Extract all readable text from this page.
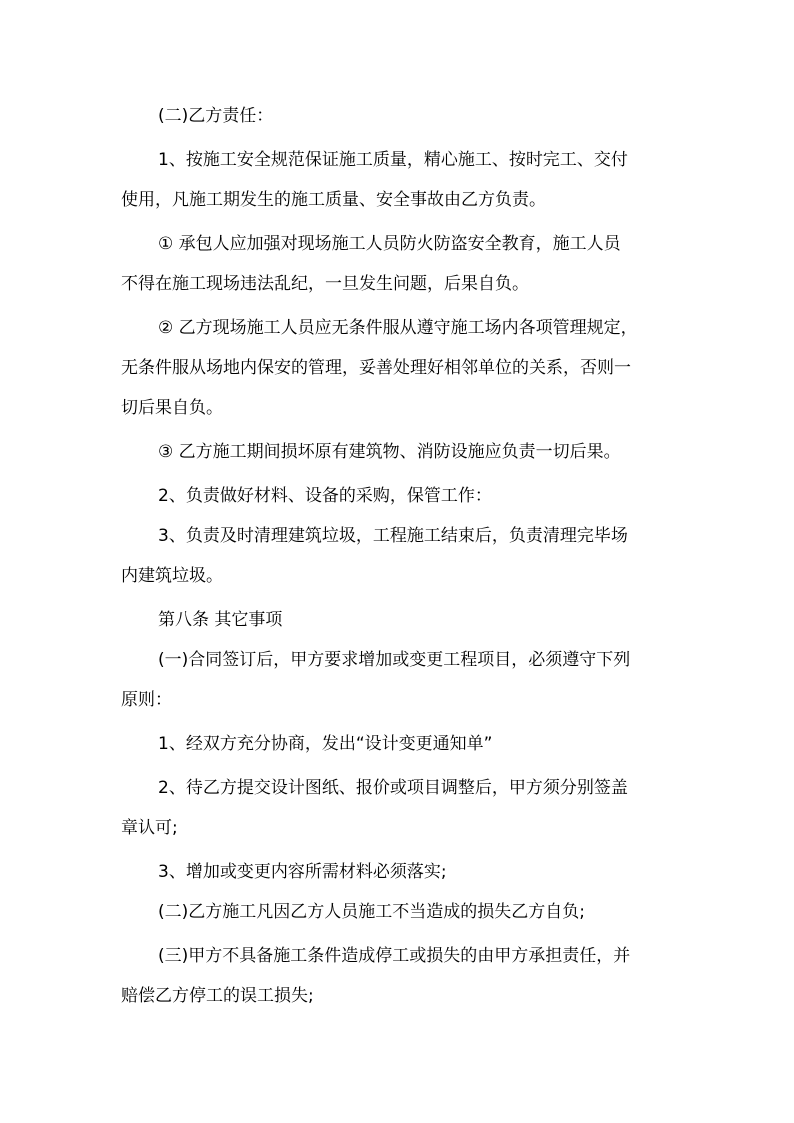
(二)乙方责任：
1、按施工安全规范保证施工质量，精心施工、按时完工、交付
使用，凡施工期发生的施工质量、安全事故由乙方负责。
① 承包人应加强对现场施工人员防火防盗安全教育，施工人员
不得在施工现场违法乱纪，一旦发生问题，后果自负。
② 乙方现场施工人员应无条件服从遵守施工场内各项管理规定，
无条件服从场地内保安的管理，妥善处理好相邻单位的关系，否则一
切后果自负。
③ 乙方施工期间损坏原有建筑物、消防设施应负责一切后果。
2、负责做好材料、设备的采购，保管工作：
3、负责及时清理建筑垃圾，工程施工结束后，负责清理完毕场
内建筑垃圾。
第八条 其它事项
(一)合同签订后，甲方要求增加或变更工程项目，必须遵守下列
原则：
1、经双方充分协商，发出“设计变更通知单”
2、待乙方提交设计图纸、报价或项目调整后，甲方须分别签盖
章认可;
3、增加或变更内容所需材料必须落实;
(二)乙方施工凡因乙方人员施工不当造成的损失乙方自负;
(三)甲方不具备施工条件造成停工或损失的由甲方承担责任，并
赔偿乙方停工的误工损失;
